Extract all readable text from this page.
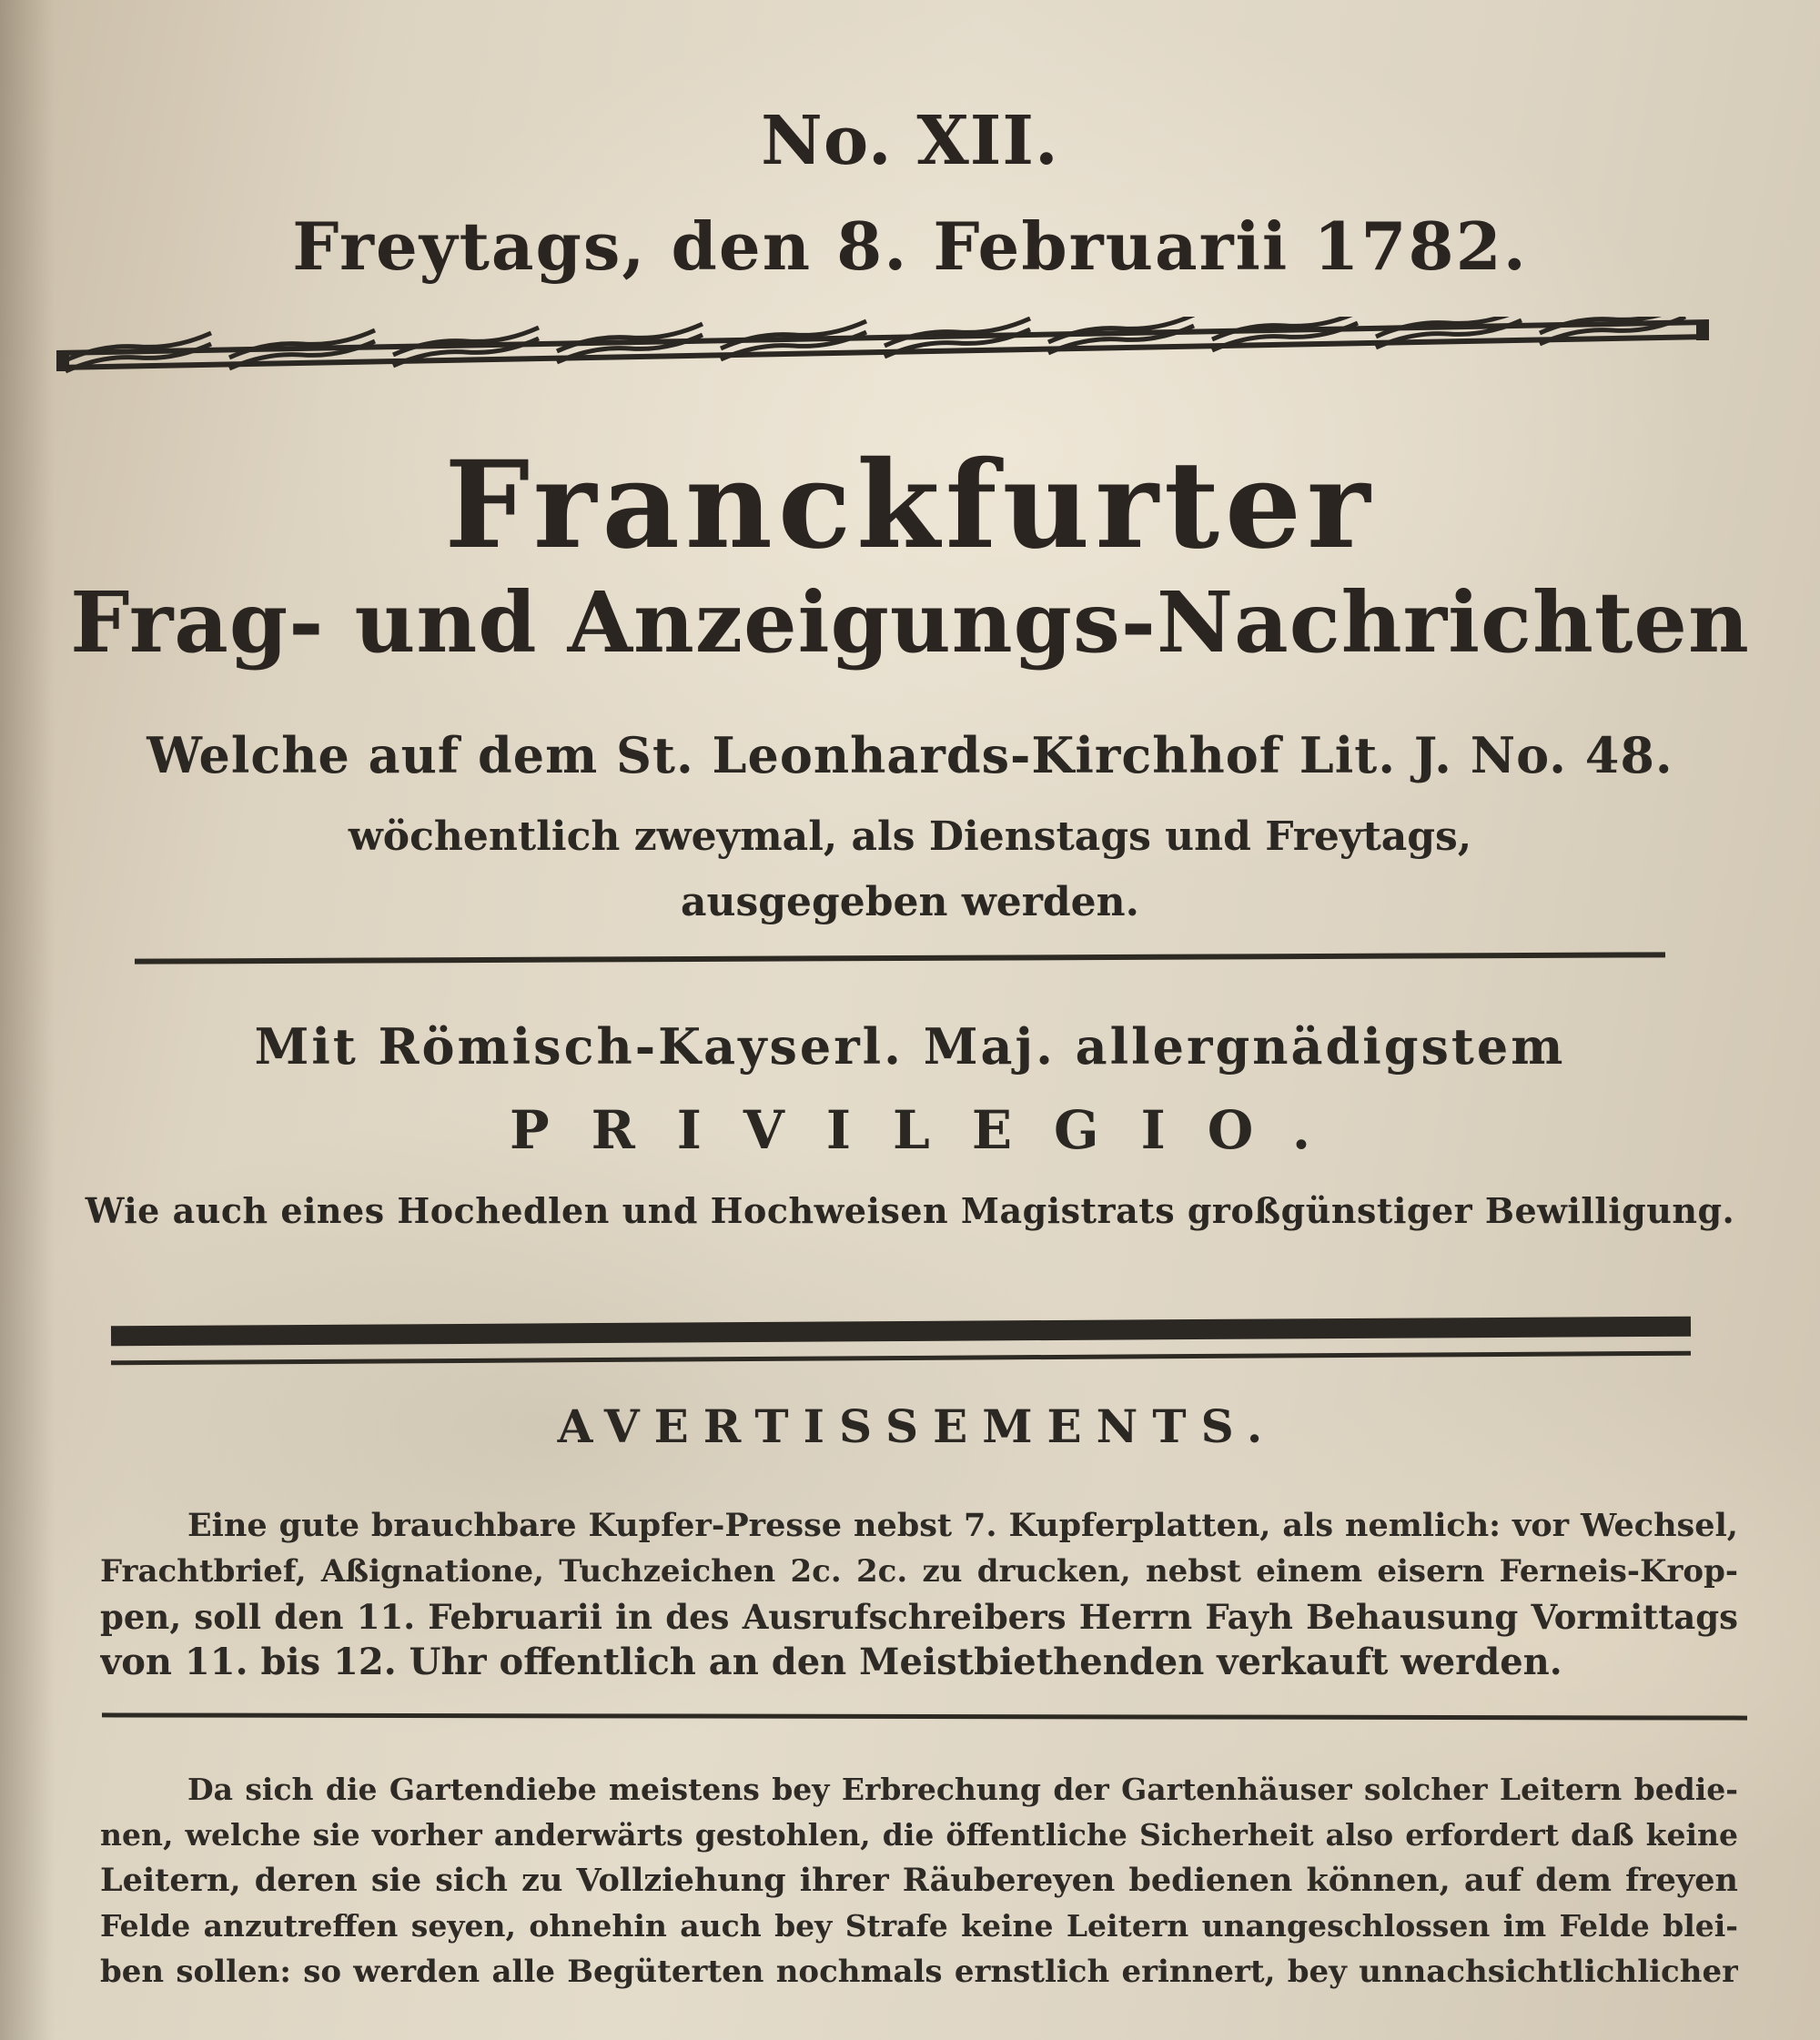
No. XII.
Freytags, den 8. Februarii 1782.
Franckfurter
Frag- und Anzeigungs-Nachrichten
Welche auf dem St. Leonhards-Kirchhof Lit. J. No. 48.
wöchentlich zweymal, als Dienstags und Freytags,
ausgegeben werden.
Mit Römisch-Kayserl. Maj. allergnädigstem
PRIVILEGIO.
Wie auch eines Hochedlen und Hochweisen Magistrats großgünstiger Bewilligung.
AVERTISSEMENTS.
Eine gute brauchbare Kupfer-Presse nebst 7. Kupferplatten, als nemlich: vor Wechsel,
Frachtbrief, Aßignatione, Tuchzeichen 2c. 2c. zu drucken, nebst einem eisern Ferneis-Krop-
pen, soll den 11. Februarii in des Ausrufschreibers Herrn Fayh Behausung Vormittags
von 11. bis 12. Uhr offentlich an den Meistbiethenden verkauft werden.
Da sich die Gartendiebe meistens bey Erbrechung der Gartenhäuser solcher Leitern bedie-
nen, welche sie vorher anderwärts gestohlen, die öffentliche Sicherheit also erfordert daß keine
Leitern, deren sie sich zu Vollziehung ihrer Räubereyen bedienen können, auf dem freyen
Felde anzutreffen seyen, ohnehin auch bey Strafe keine Leitern unangeschlossen im Felde blei-
ben sollen: so werden alle Begüterten nochmals ernstlich erinnert, bey unnachsichtlichlicher
